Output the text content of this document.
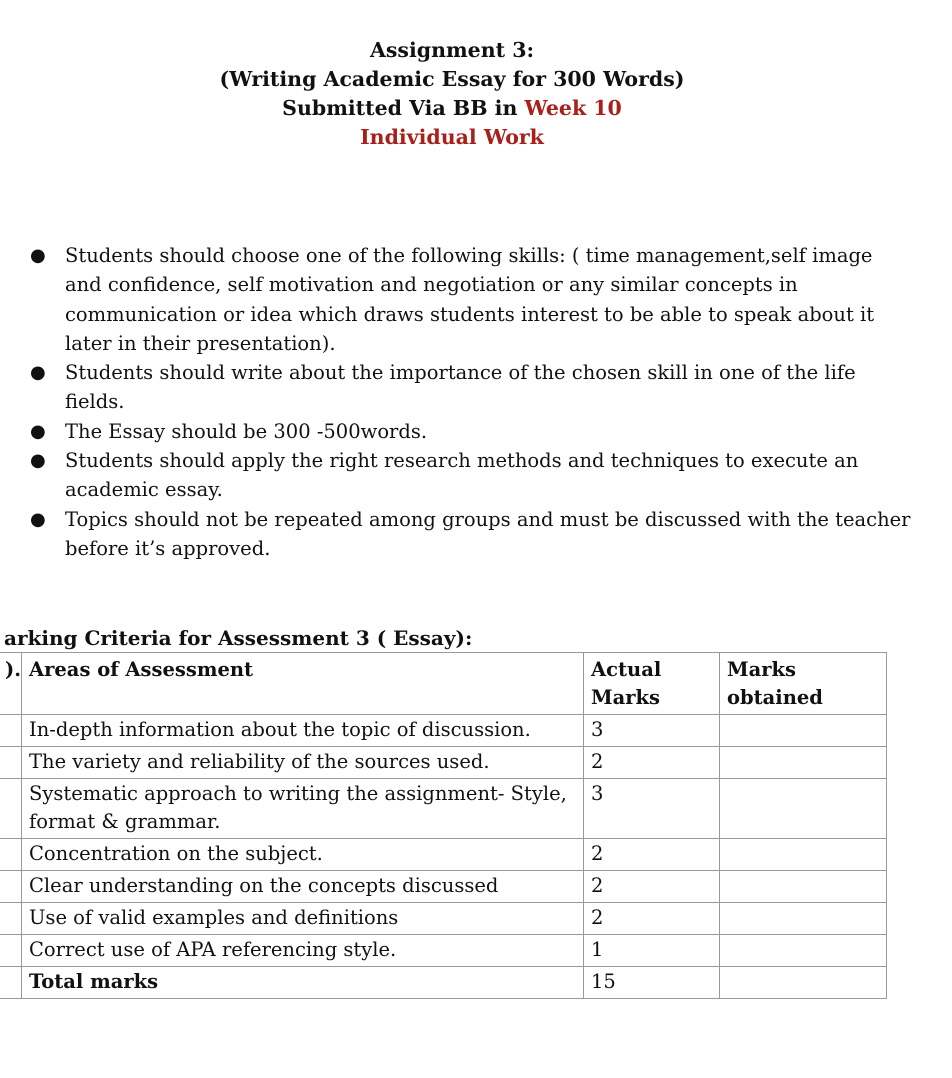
Assignment 3:
(Writing Academic Essay for 300 Words)
Submitted Via BB in Week 10
Individual Work
● Students should choose one of the following skills: ( time management,self image and confidence, self motivation and negotiation or any similar concepts in communication or idea which draws students interest to be able to speak about it later in their presentation).
● Students should write about the importance of the chosen skill in one of the life fields.
● The Essay should be 300 -500words.
● Students should apply the right research methods and techniques to execute an academic essay.
● Topics should not be repeated among groups and must be discussed with the teacher before it’s approved.
arking Criteria for Assessment 3 ( Essay):
).	Areas of Assessment	Actual Marks	Marks obtained
	In-depth information about the topic of discussion.	3	
	The variety and reliability of the sources used.	2	
	Systematic approach to writing the assignment- Style, format & grammar.	3	
	Concentration on the subject.	2	
	Clear understanding on the concepts discussed	2	
	Use of valid examples and definitions	2	
	Correct use of APA referencing style.	1	
	Total marks	15	
